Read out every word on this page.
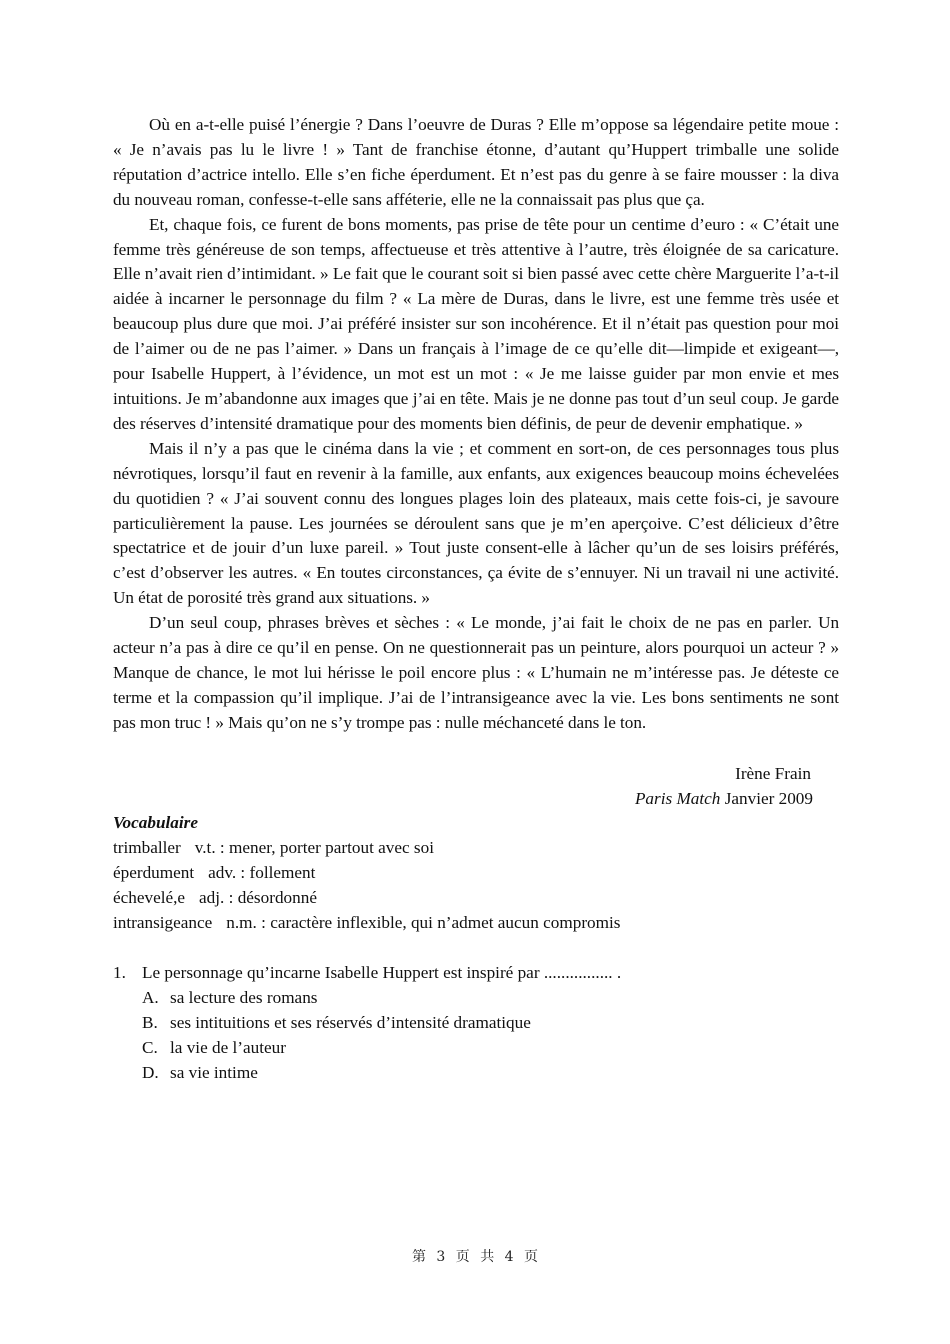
Où en a-t-elle puisé l’énergie ? Dans l’oeuvre de Duras ? Elle m’oppose sa légendaire petite moue : « Je n’avais pas lu le livre ! » Tant de franchise étonne, d’autant qu’Huppert trimballe une solide réputation d’actrice intello. Elle s’en fiche éperdument. Et n’est pas du genre à se faire mousser : la diva du nouveau roman, confesse-t-elle sans afféterie, elle ne la connaissait pas plus que ça.

Et, chaque fois, ce furent de bons moments, pas prise de tête pour un centime d’euro : « C’était une femme très généreuse de son temps, affectueuse et très attentive à l’autre, très éloignée de sa caricature. Elle n’avait rien d’intimidant. » Le fait que le courant soit si bien passé avec cette chère Marguerite l’a-t-il aidée à incarner le personnage du film ? « La mère de Duras, dans le livre, est une femme très usée et beaucoup plus dure que moi. J’ai préféré insister sur son incohérence. Et il n’était pas question pour moi de l’aimer ou de ne pas l’aimer. » Dans un français à l’image de ce qu’elle dit—limpide et exigeant—, pour Isabelle Huppert, à l’évidence, un mot est un mot : « Je me laisse guider par mon envie et mes intuitions. Je m’abandonne aux images que j’ai en tête. Mais je ne donne pas tout d’un seul coup. Je garde des réserves d’intensité dramatique pour des moments bien définis, de peur de devenir emphatique. »

Mais il n’y a pas que le cinéma dans la vie ; et comment en sort-on, de ces personnages tous plus névrotiques, lorsqu’il faut en revenir à la famille, aux enfants, aux exigences beaucoup moins échevelées du quotidien ? « J’ai souvent connu des longues plages loin des plateaux, mais cette fois-ci, je savoure particulièrement la pause. Les journées se déroulent sans que je m’en aperçoive. C’est délicieux d’être spectatrice et de jouir d’un luxe pareil. » Tout juste consent-elle à lâcher qu’un de ses loisirs préférés, c’est d’observer les autres. « En toutes circonstances, ça évite de s’ennuyer. Ni un travail ni une activité. Un état de porosité très grand aux situations. »

D’un seul coup, phrases brèves et sèches : « Le monde, j’ai fait le choix de ne pas en parler. Un acteur n’a pas à dire ce qu’il en pense. On ne questionnerait pas un peinture, alors pourquoi un acteur ? » Manque de chance, le mot lui hérisse le poil encore plus : « L’humain ne m’intéresse pas. Je déteste ce terme et la compassion qu’il implique. J’ai de l’intransigeance avec la vie. Les bons sentiments ne sont pas mon truc ! » Mais qu’on ne s’y trompe pas : nulle méchanceté dans le ton.

Irène Frain
Paris Match Janvier 2009
Vocabulaire
trimballer v.t. : mener, porter partout avec soi
éperdument adv. : follement
échevelé,e adj. : désordonné
intransigeance n.m. : caractère inflexible, qui n’admet aucun compromis
1. Le personnage qu’incarne Isabelle Huppert est inspiré par ................ .
A. sa lecture des romans
B. ses intituitions et ses réservés d’intensité dramatique
C. la vie de l’auteur
D. sa vie intime
第 3 页 共 4 页
